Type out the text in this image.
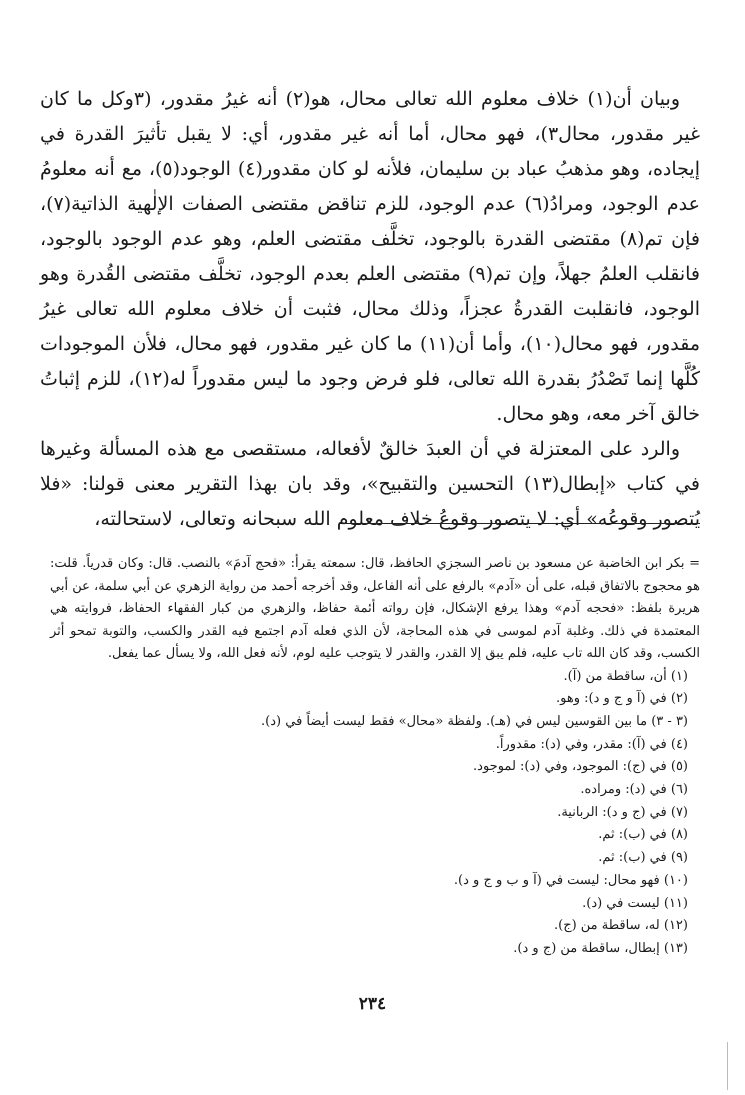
وبيان أن(١) خلاف معلوم الله تعالى محال، هو(٢) أنه غيرُ مقدور، (٣وكل ما كان غير مقدور، محال٣)، فهو محال، أما أنه غير مقدور، أي: لا يقبل تأثيرَ القدرة في إيجاده، وهو مذهبُ عباد بن سليمان، فلأنه لو كان مقدور(٤) الوجود(٥)، مع أنه معلومُ عدم الوجود، ومرادُ(٦) عدم الوجود، للزم تناقض مقتضى الصفات الإلٰهية الذاتية(٧)، فإن تم(٨) مقتضى القدرة بالوجود، تخلَّف مقتضى العلم، وهو عدم الوجود بالوجود، فانقلب العلمُ جهلاً، وإن تم(٩) مقتضى العلم بعدم الوجود، تخلَّف مقتضى القُدرة وهو الوجود، فانقلبت القدرةُ عجزاً، وذلك محال، فثبت أن خلاف معلوم الله تعالى غيرُ مقدور، فهو محال(١٠)، وأما أن(١١) ما كان غير مقدور، فهو محال، فلأن الموجودات كُلَّها إنما تَصْدُرُ بقدرة الله تعالى، فلو فرض وجود ما ليس مقدوراً له(١٢)، للزم إثباتُ خالق آخر معه، وهو محال.

والرد على المعتزلة في أن العبدَ خالقٌ لأفعاله، مستقصى مع هذه المسألة وغيرها في كتاب «إبطال(١٣) التحسين والتقبيح»، وقد بان بهذا التقرير معنى قولنا: «فلا يُتصور وقوعُه» أي: لا يتصور وقوعُ خلاف معلوم الله سبحانه وتعالى، لاستحالته،

= بكر ابن الخاضبة عن مسعود بن ناصر السجزي الحافظ، قال: سمعته يقرأ: «فحج آدمَ» بالنصب. قال: وكان قدرياً. قلت: هو محجوج بالاتفاق قبله، على أن «آدم» بالرفع على أنه الفاعل، وقد أخرجه أحمد من رواية الزهري عن أبي سلمة، عن أبي هريرة بلفظ: «فحجه آدم» وهذا يرفع الإشكال، فإن رواته أئمة حفاظ، والزهري من كبار الفقهاء الحفاظ، فروايته هي المعتمدة في ذلك. وغلبة آدم لموسى في هذه المحاجة، لأن الذي فعله آدم اجتمع فيه القدر والكسب، والتوبة تمحو أثر الكسب، وقد كان الله تاب عليه، فلم يبق إلا القدر، والقدر لا يتوجب عليه لوم، لأنه فعل الله، ولا يسأل عما يفعل.

(١) أن، ساقطة من (آ).
(٢) في (آ و ج و د): وهو.
(٣ - ٣) ما بين القوسين ليس في (هـ). ولفظة «محال» فقط ليست أيضاً في (د).
(٤) في (آ): مقدر، وفي (د): مقدوراً.
(٥) في (ج): الموجود، وفي (د): لموجود.
(٦) في (د): ومراده.
(٧) في (ج و د): الربانية.
(٨) في (ب): ثم.
(٩) في (ب): ثم.
(١٠) فهو محال: ليست في (آ و ب و ج و د).
(١١) ليست في (د).
(١٢) له، ساقطة من (ج).
(١٣) إبطال، ساقطة من (ج و د).
٢٣٤
